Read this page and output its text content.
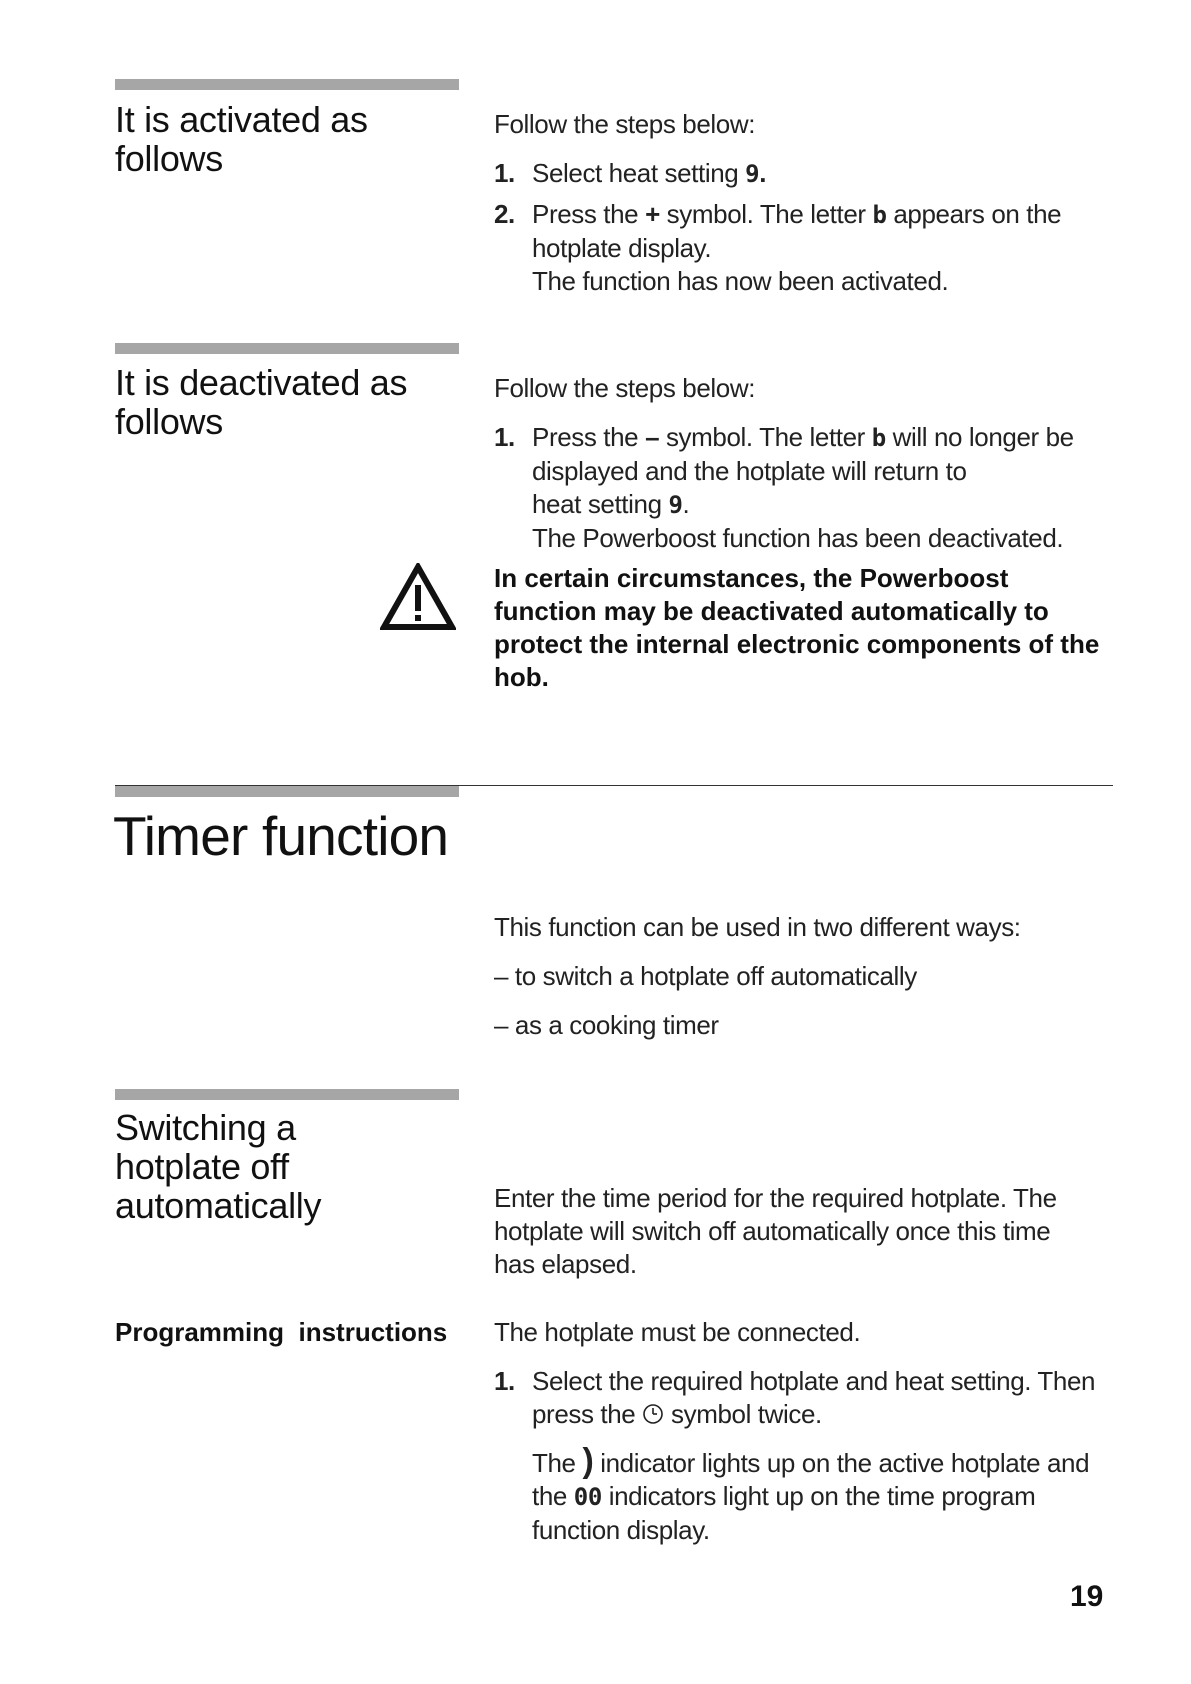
It is activated as
follows
Follow the steps below:
1. Select heat setting 9.
2. Press the + symbol. The letter b appears on the
hotplate display.
The function has now been activated.
It is deactivated as
follows
Follow the steps below:
1. Press the – symbol. The letter b will no longer be
displayed and the hotplate will return to
heat setting 9.
The Powerboost function has been deactivated.
In certain circumstances, the Powerboost
function may be deactivated automatically to
protect the internal electronic components of the
hob.
Timer function
This function can be used in two different ways:
– to switch a hotplate off automatically
– as a cooking timer
Switching a
hotplate off
automatically	Enter the time period for the required hotplate. The
hotplate will switch off automatically once this time
has elapsed.
Programming  instructions The hotplate must be connected.
1. Select the required hotplate and heat setting. Then
press the  symbol twice.
The ) indicator lights up on the active hotplate and
the 00 indicators light up on the time program
function display.
19
